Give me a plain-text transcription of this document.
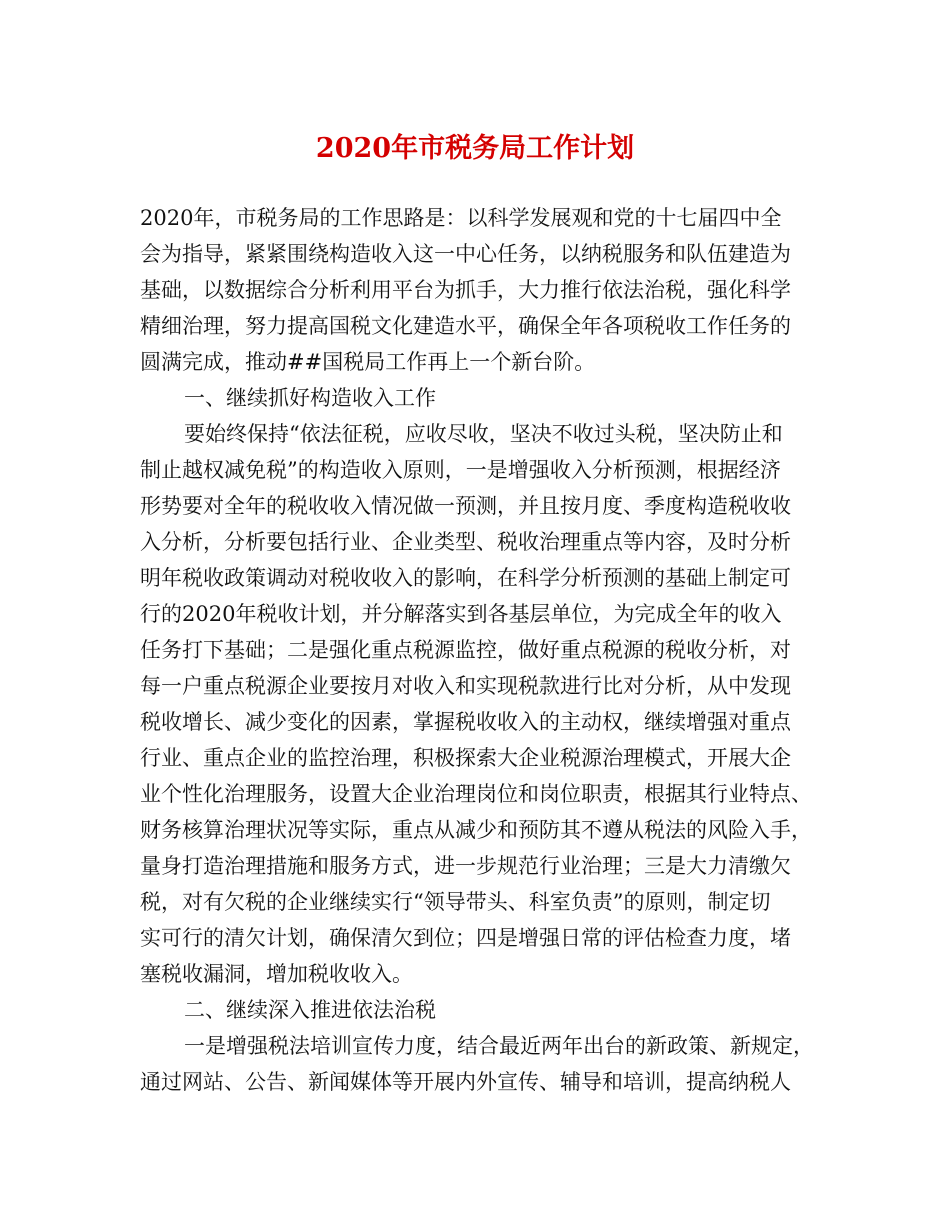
2020年市税务局工作计划
2020年，市税务局的工作思路是：以科学发展观和党的十七届四中全
会为指导，紧紧围绕构造收入这一中心任务，以纳税服务和队伍建造为
基础，以数据综合分析利用平台为抓手，大力推行依法治税，强化科学
精细治理，努力提高国税文化建造水平，确保全年各项税收工作任务的
圆满完成，推动##国税局工作再上一个新台阶。
一、继续抓好构造收入工作
要始终保持“依法征税，应收尽收，坚决不收过头税，坚决防止和
制止越权减免税”的构造收入原则，一是增强收入分析预测，根据经济
形势要对全年的税收收入情况做一预测，并且按月度、季度构造税收收
入分析，分析要包括行业、企业类型、税收治理重点等内容，及时分析
明年税收政策调动对税收收入的影响，在科学分析预测的基础上制定可
行的2020年税收计划，并分解落实到各基层单位，为完成全年的收入
任务打下基础；二是强化重点税源监控，做好重点税源的税收分析，对
每一户重点税源企业要按月对收入和实现税款进行比对分析，从中发现
税收增长、减少变化的因素，掌握税收收入的主动权，继续增强对重点
行业、重点企业的监控治理，积极探索大企业税源治理模式，开展大企
业个性化治理服务，设置大企业治理岗位和岗位职责，根据其行业特点、
财务核算治理状况等实际，重点从减少和预防其不遵从税法的风险入手，
量身打造治理措施和服务方式，进一步规范行业治理；三是大力清缴欠
税，对有欠税的企业继续实行“领导带头、科室负责”的原则，制定切
实可行的清欠计划，确保清欠到位；四是增强日常的评估检查力度，堵
塞税收漏洞，增加税收收入。
二、继续深入推进依法治税
一是增强税法培训宣传力度，结合最近两年出台的新政策、新规定，
通过网站、公告、新闻媒体等开展内外宣传、辅导和培训，提高纳税人
